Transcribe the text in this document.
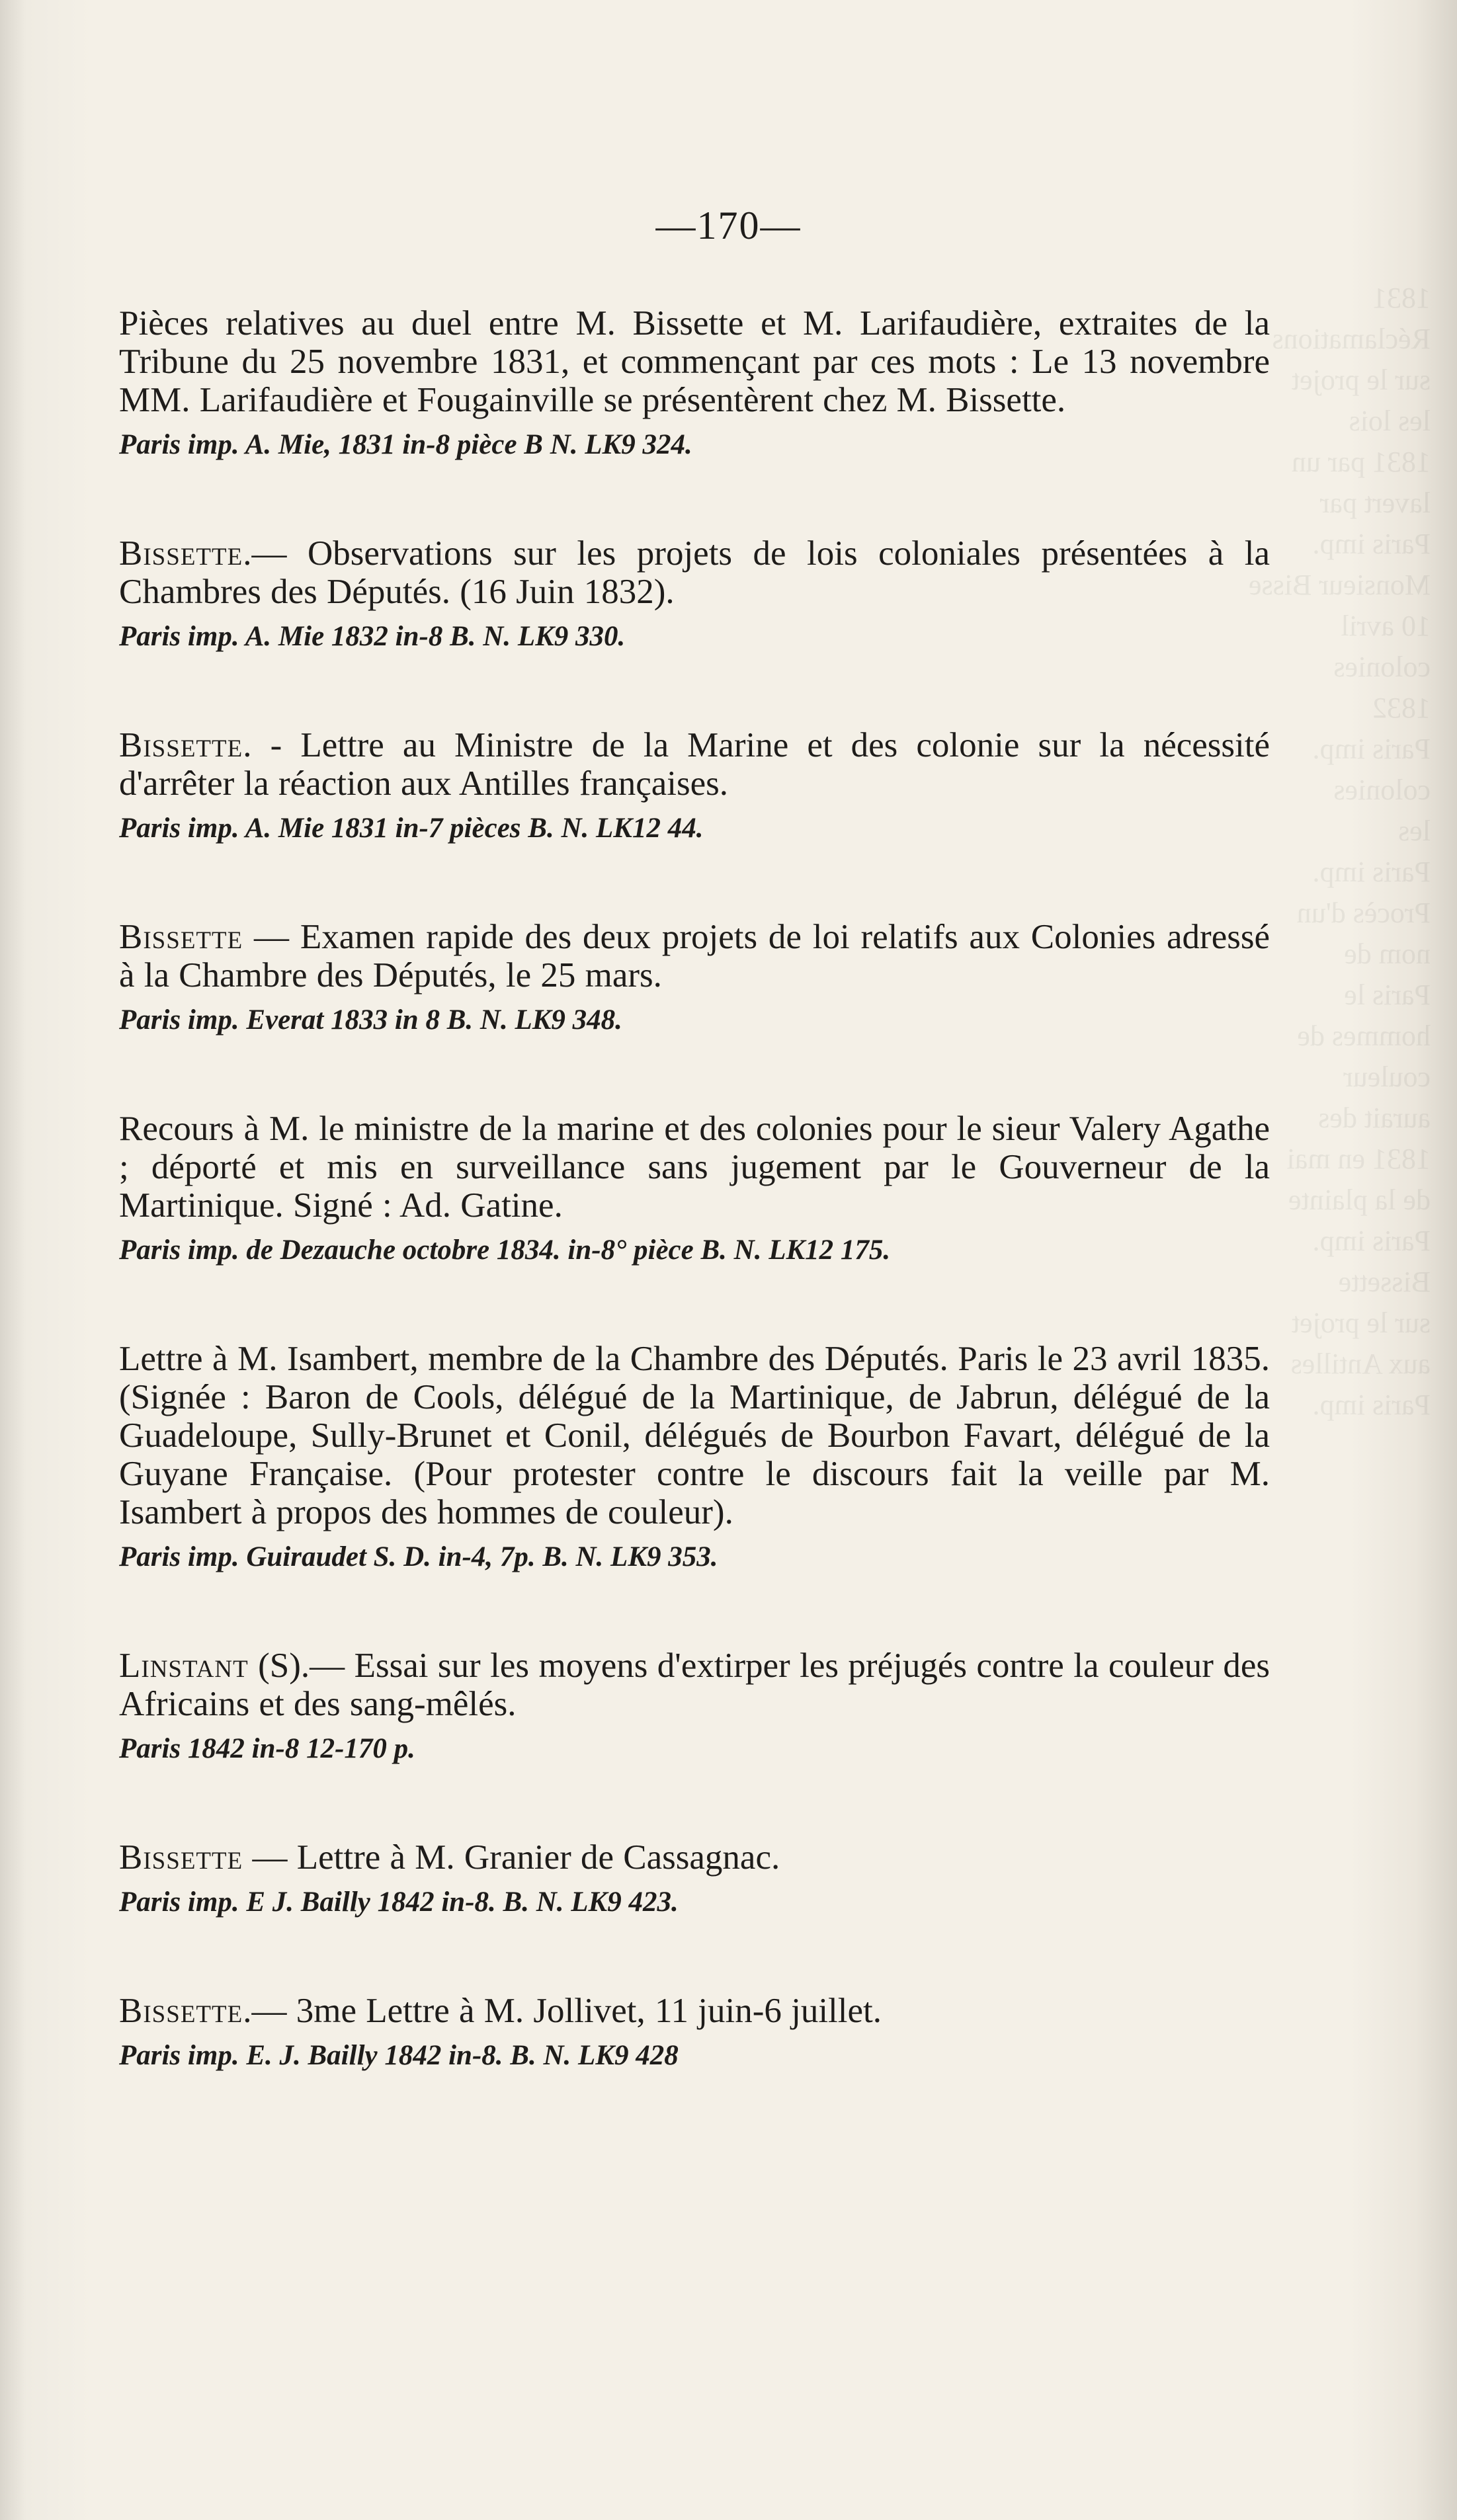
1831 Réclamations
sur le projet
les lois
1831 par un
lavert par
Paris imp.
Monsieur Bisse
10 avril
colonies
1832
Paris imp.
colonies
les
Paris imp.
Procès d'un
nom de
Paris le
hommes de couleur
aurait des
1831 en mai
de la plainte
Paris imp.
Bissette
sur le projet
aux Antilles
Paris imp.
—170—
Pièces relatives au duel entre M. Bissette et M. Larifaudière, extraites de la Tribune du 25 novembre 1831, et commençant par ces mots : Le 13 novembre MM. Larifaudière et Fougainville se présentèrent chez M. Bissette.
Paris imp. A. Mie, 1831 in-8 pièce B N. LK9 324.
Bissette.— Observations sur les projets de lois coloniales présentées à la Chambres des Députés. (16 Juin 1832).
Paris imp. A. Mie 1832 in-8 B. N. LK9 330.
Bissette. - Lettre au Ministre de la Marine et des colonie sur la nécessité d'arrêter la réaction aux Antilles françaises.
Paris imp. A. Mie 1831 in-7 pièces B. N. LK12 44.
Bissette — Examen rapide des deux projets de loi relatifs aux Colonies adressé à la Chambre des Députés, le 25 mars.
Paris imp. Everat 1833 in 8 B. N. LK9 348.
Recours à M. le ministre de la marine et des colonies pour le sieur Valery Agathe ; déporté et mis en surveillance sans jugement par le Gouverneur de la Martinique. Signé : Ad. Gatine.
Paris imp. de Dezauche octobre 1834. in-8° pièce B. N. LK12 175.
Lettre à M. Isambert, membre de la Chambre des Députés. Paris le 23 avril 1835. (Signée : Baron de Cools, délégué de la Martinique, de Jabrun, délégué de la Guadeloupe, Sully-Brunet et Conil, délégués de Bourbon Favart, délégué de la Guyane Française. (Pour protester contre le discours fait la veille par M. Isambert à propos des hommes de couleur).
Paris imp. Guiraudet S. D. in-4, 7p. B. N. LK9 353.
Linstant (S).— Essai sur les moyens d'extirper les préjugés contre la couleur des Africains et des sang-mêlés.
Paris 1842 in-8 12-170 p.
Bissette — Lettre à M. Granier de Cassagnac.
Paris imp. E J. Bailly 1842 in-8. B. N. LK9 423.
Bissette.— 3me Lettre à M. Jollivet, 11 juin-6 juillet.
Paris imp. E. J. Bailly 1842 in-8. B. N. LK9 428
